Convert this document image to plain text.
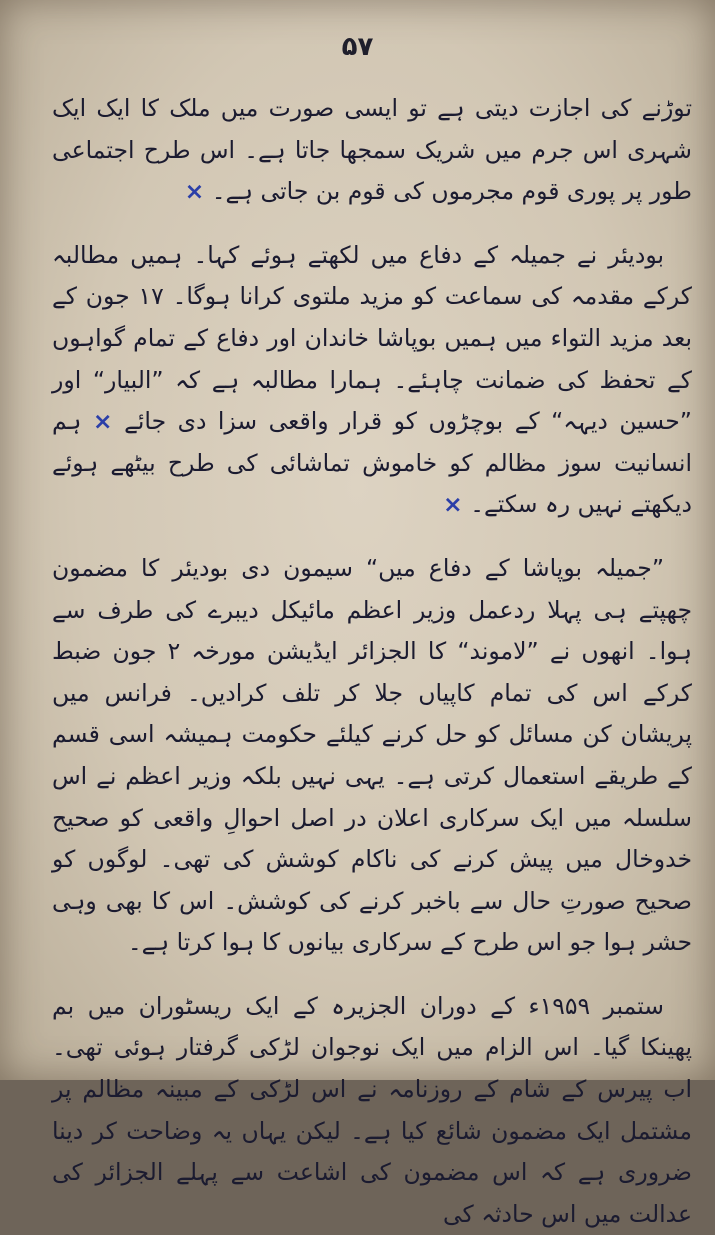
۵۷

توڑنے کی اجازت دیتی ہے تو ایسی صورت میں ملک کا ایک ایک شہری اس جرم میں شریک سمجھا جاتا ہے۔ اس طرح اجتماعی طور پر پوری قوم مجرموں کی قوم بن جاتی ہے۔ ×

بودیئر نے جمیلہ کے دفاع میں لکھتے ہوئے کہا۔ ہمیں مطالبہ کرکے مقدمہ کی سماعت کو مزید ملتوی کرانا ہوگا۔ ۱۷ جون کے بعد مزید التواء میں ہمیں بوپاشا خاندان اور دفاع کے تمام گواہوں کے تحفظ کی ضمانت چاہئے۔ ہمارا مطالبہ ہے کہ ”البیار“ اور ”حسین دیہہ“ کے بوچڑوں کو قرار واقعی سزا دی جائے × ہم انسانیت سوز مظالم کو خاموش تماشائی کی طرح بیٹھے ہوئے دیکھتے نہیں رہ سکتے۔ ×

”جمیلہ بوپاشا کے دفاع میں“ سیمون دی بودیئر کا مضمون چھپتے ہی پہلا ردعمل وزیر اعظم مائیکل دیبرے کی طرف سے ہوا۔ انھوں نے ”لاموند“ کا الجزائر ایڈیشن مورخہ ۲ جون ضبط کرکے اس کی تمام کاپیاں جلا کر تلف کرادیں۔ فرانس میں پریشان کن مسائل کو حل کرنے کیلئے حکومت ہمیشہ اسی قسم کے طریقے استعمال کرتی ہے۔ یہی نہیں بلکہ وزیر اعظم نے اس سلسلہ میں ایک سرکاری اعلان در اصل احوالِ واقعی کو صحیح خدوخال میں پیش کرنے کی ناکام کوشش کی تھی۔ لوگوں کو صحیح صورتِ حال سے باخبر کرنے کی کوشش۔ اس کا بھی وہی حشر ہوا جو اس طرح کے سرکاری بیانوں کا ہوا کرتا ہے۔

ستمبر ۱۹۵۹ء کے دوران الجزیرہ کے ایک ریسٹوران میں بم پھینکا گیا۔ اس الزام میں ایک نوجوان لڑکی گرفتار ہوئی تھی۔ اب پیرس کے شام کے روزنامہ نے اس لڑکی کے مبینہ مظالم پر مشتمل ایک مضمون شائع کیا ہے۔ لیکن یہاں یہ وضاحت کر دینا ضروری ہے کہ اس مضمون کی اشاعت سے پہلے الجزائر کی عدالت میں اس حادثہ کی
